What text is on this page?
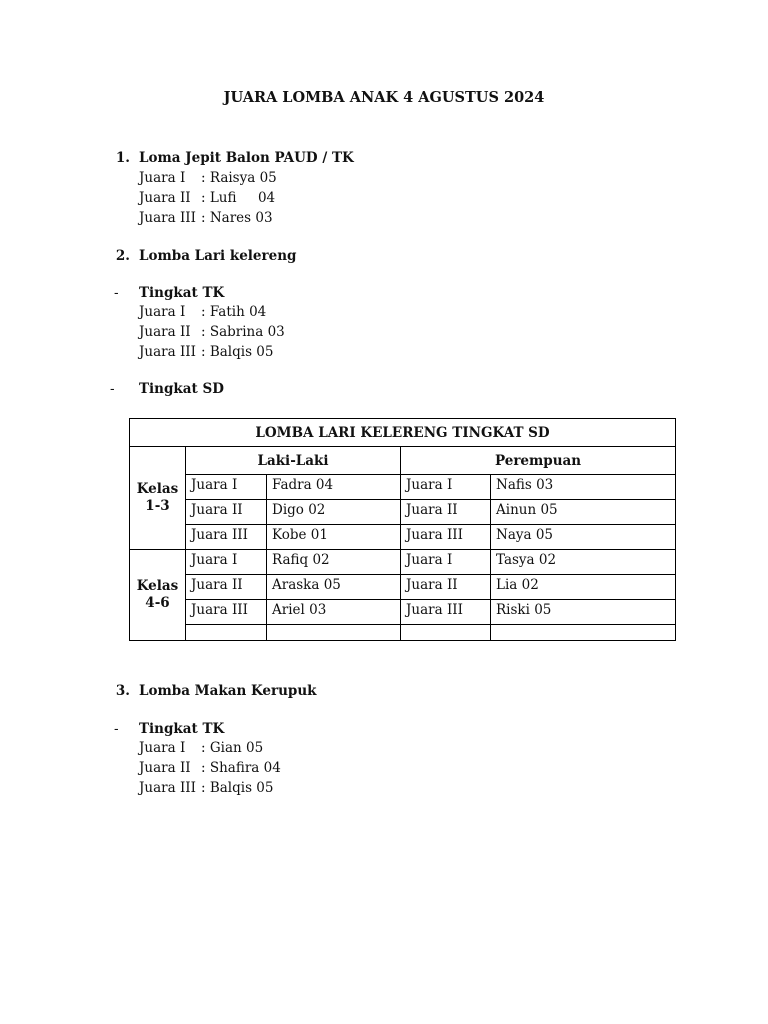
JUARA LOMBA ANAK 4 AGUSTUS 2024
1. Loma Jepit Balon PAUD / TK
Juara I : Raisya 05
Juara II : Lufi     04
Juara III : Nares 03
2. Lomba Lari kelereng
-	Tingkat TK
Juara I : Fatih 04
Juara II : Sabrina 03
Juara III : Balqis 05
-	Tingkat SD
LOMBA LARI KELERENG TINGKAT SD				
Kelas 1-3	Laki-Laki		Perempuan	
	Juara I	Fadra 04	Juara I	Nafis 03
	Juara II	Digo 02	Juara II	Ainun 05
	Juara III	Kobe 01	Juara III	Naya 05
Kelas 4-6	Juara I	Rafiq 02	Juara I	Tasya 02
	Juara II	Araska 05	Juara II	Lia 02
	Juara III	Ariel 03	Juara III	Riski 05

3. Lomba Makan Kerupuk
-	Tingkat TK
Juara I : Gian 05
Juara II : Shafira 04
Juara III : Balqis 05
